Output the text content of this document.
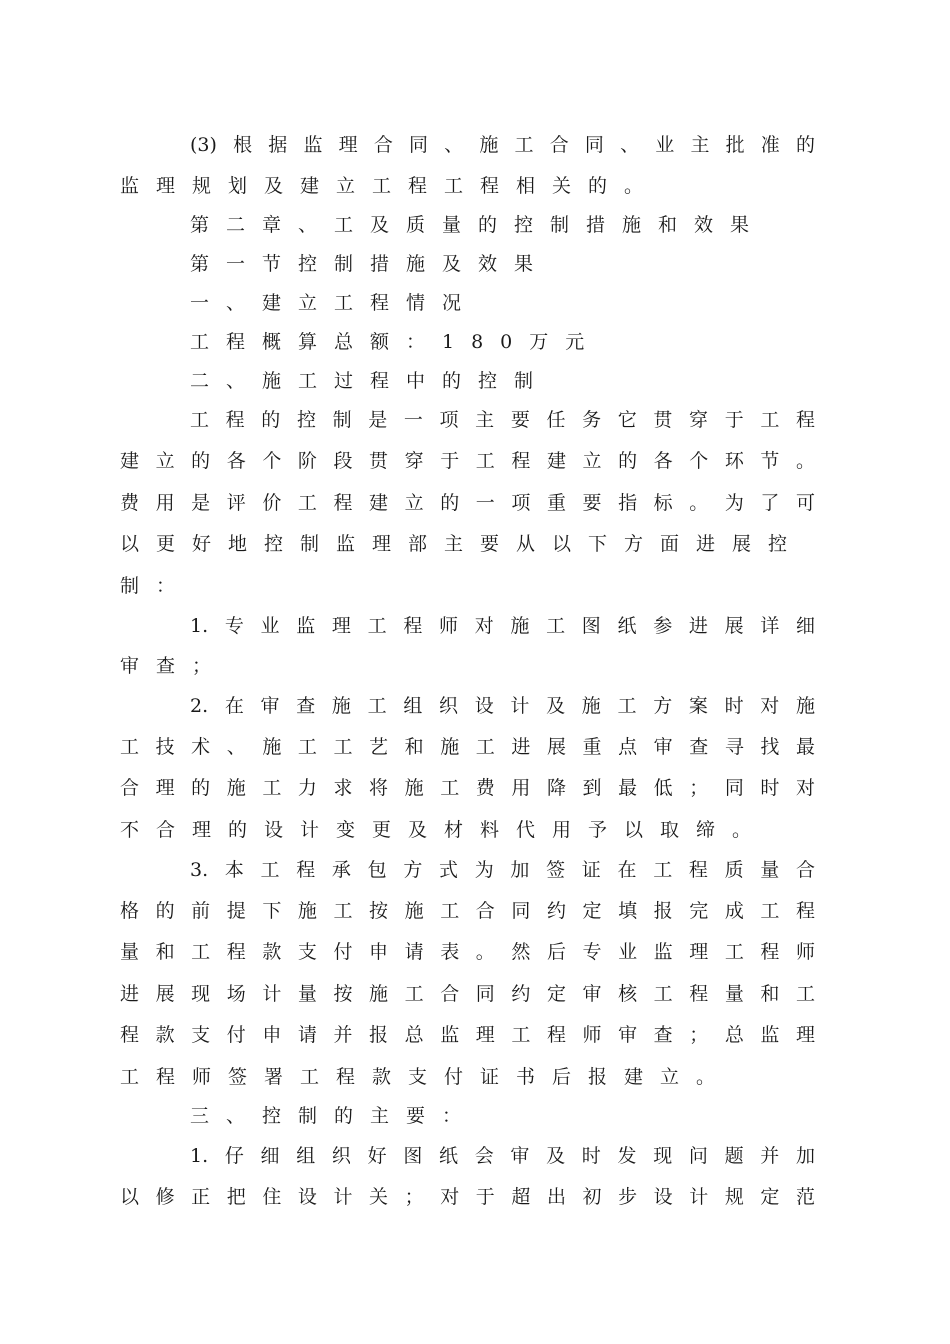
(3)根据监理合同、施工合同、业主批准的
监理规划及建立工程工程相关的。
第二章、工及质量的控制措施和效果
第一节控制措施及效果
一、建立工程情况
工程概算总额：180万元
二、施工过程中的控制
工程的控制是一项主要任务它贯穿于工程
建立的各个阶段贯穿于工程建立的各个环节。
费用是评价工程建立的一项重要指标。为了可
以更好地控制监理部主要从以下方面进展控
制：
1.专业监理工程师对施工图纸参进展详细
审查；
2.在审查施工组织设计及施工方案时对施
工技术、施工工艺和施工进展重点审查寻找最
合理的施工力求将施工费用降到最低；同时对
不合理的设计变更及材料代用予以取缔。
3.本工程承包方式为加签证在工程质量合
格的前提下施工按施工合同约定填报完成工程
量和工程款支付申请表。然后专业监理工程师
进展现场计量按施工合同约定审核工程量和工
程款支付申请并报总监理工程师审查；总监理
工程师签署工程款支付证书后报建立。
三、控制的主要：
1.仔细组织好图纸会审及时发现问题并加
以修正把住设计关；对于超出初步设计规定范
